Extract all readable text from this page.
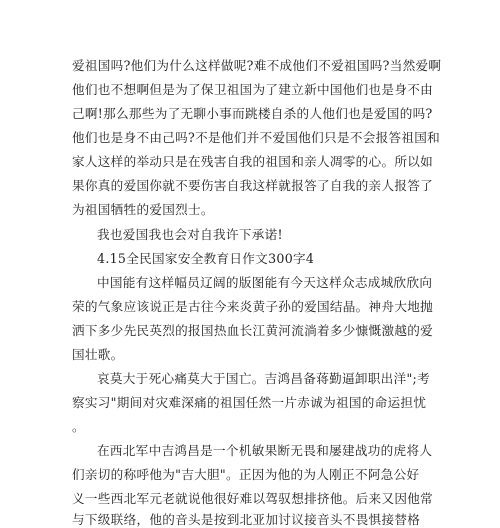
爱祖国吗?他们为什么这样做呢?难不成他们不爱祖国吗?当然爱啊
他们也不想啊但是为了保卫祖国为了建立新中国他们也是身不由
己啊!那么那些为了无聊小事而跳楼自杀的人他们也是爱国的吗?
他们也是身不由己吗?不是他们并不爱国他们只是不会报答祖国和
家人这样的举动只是在残害自我的祖国和亲人凋零的心。所以如
果你真的爱国你就不要伤害自我这样就报答了自我的亲人报答了
为祖国牺牲的爱国烈士。
我也爱国我也会对自我许下承诺!
4.15全民国家安全教育日作文300字4
中国能有这样幅员辽阔的版图能有今天这样众志成城欣欣向
荣的气象应该说正是古往今来炎黄子孙的爱国结晶。神舟大地抛
洒下多少先民英烈的报国热血长江黄河流淌着多少慷慨激越的爱
国壮歌。
哀莫大于死心痛莫大于国亡。吉鸿昌备蒋勤逼卸职出洋";考
察实习"期间对灾难深痛的祖国任然一片赤诚为祖国的命运担忧
。
在西北军中吉鸿昌是一个机敏果断无畏和屡建战功的虎将人
们亲切的称呼他为"吉大胆"。正因为他的为人刚正不阿急公好
义一些西北军元老就说他很好难以驾驭想排挤他。后来又因他常
与下级联络，他的音头是按到北亚加讨议接音头不畏惧接替格
